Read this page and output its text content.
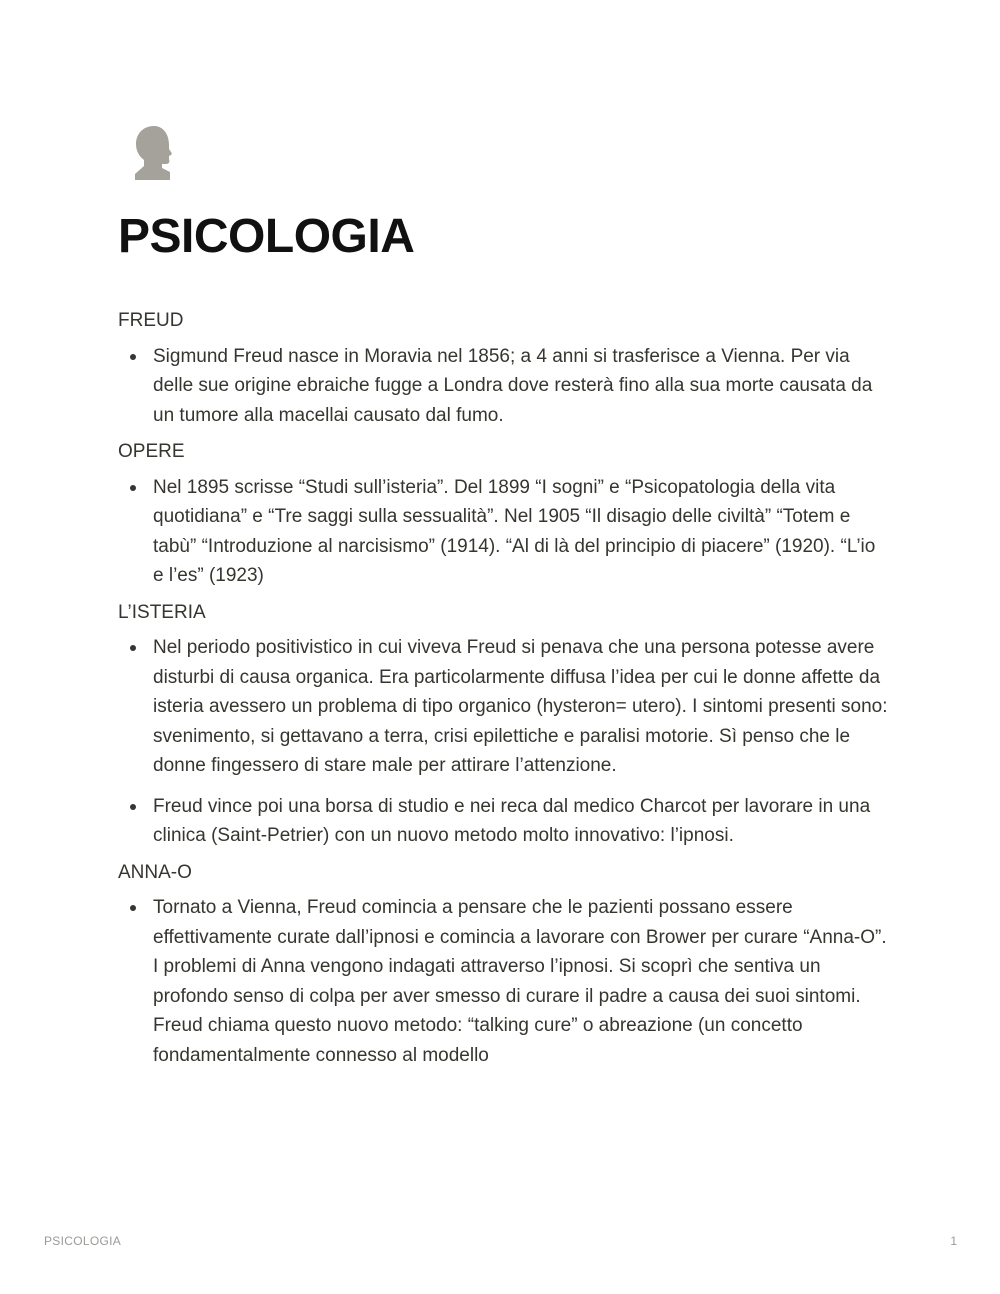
PSICOLOGIA
FREUD
Sigmund Freud nasce in Moravia nel 1856; a 4 anni si trasferisce a Vienna. Per via delle sue origine ebraiche fugge a Londra dove resterà fino alla sua morte causata da un tumore alla macellai causato dal fumo.
OPERE
Nel 1895 scrisse “Studi sull’isteria”. Del 1899 “I sogni” e “Psicopatologia della vita quotidiana” e “Tre saggi sulla sessualità”. Nel 1905 “Il disagio delle civiltà” “Totem e tabù” “Introduzione al narcisismo” (1914). “Al di là del principio di piacere” (1920). “L’io e l’es” (1923)
L’ISTERIA
Nel periodo positivistico in cui viveva Freud si penava che una persona potesse avere disturbi di causa organica. Era particolarmente diffusa l’idea per cui le donne affette da isteria avessero un problema di tipo organico (hysteron= utero). I sintomi presenti sono: svenimento, si gettavano a terra, crisi epilettiche e paralisi motorie. Sì penso che le donne fingessero di stare male per attirare l’attenzione.
Freud vince poi una borsa di studio e nei reca dal medico Charcot per lavorare in una clinica (Saint-Petrier) con un nuovo metodo molto innovativo: l’ipnosi.
ANNA-O
Tornato a Vienna, Freud comincia a pensare che le pazienti possano essere effettivamente curate dall’ipnosi e comincia a lavorare con Brower per curare “Anna-O”. I problemi di Anna vengono indagati attraverso l’ipnosi. Si scoprì che sentiva un profondo senso di colpa per aver smesso di curare il padre a causa dei suoi sintomi. Freud chiama questo nuovo metodo: “talking cure” o abreazione (un concetto fondamentalmente connesso al modello
PSICOLOGIA	1
